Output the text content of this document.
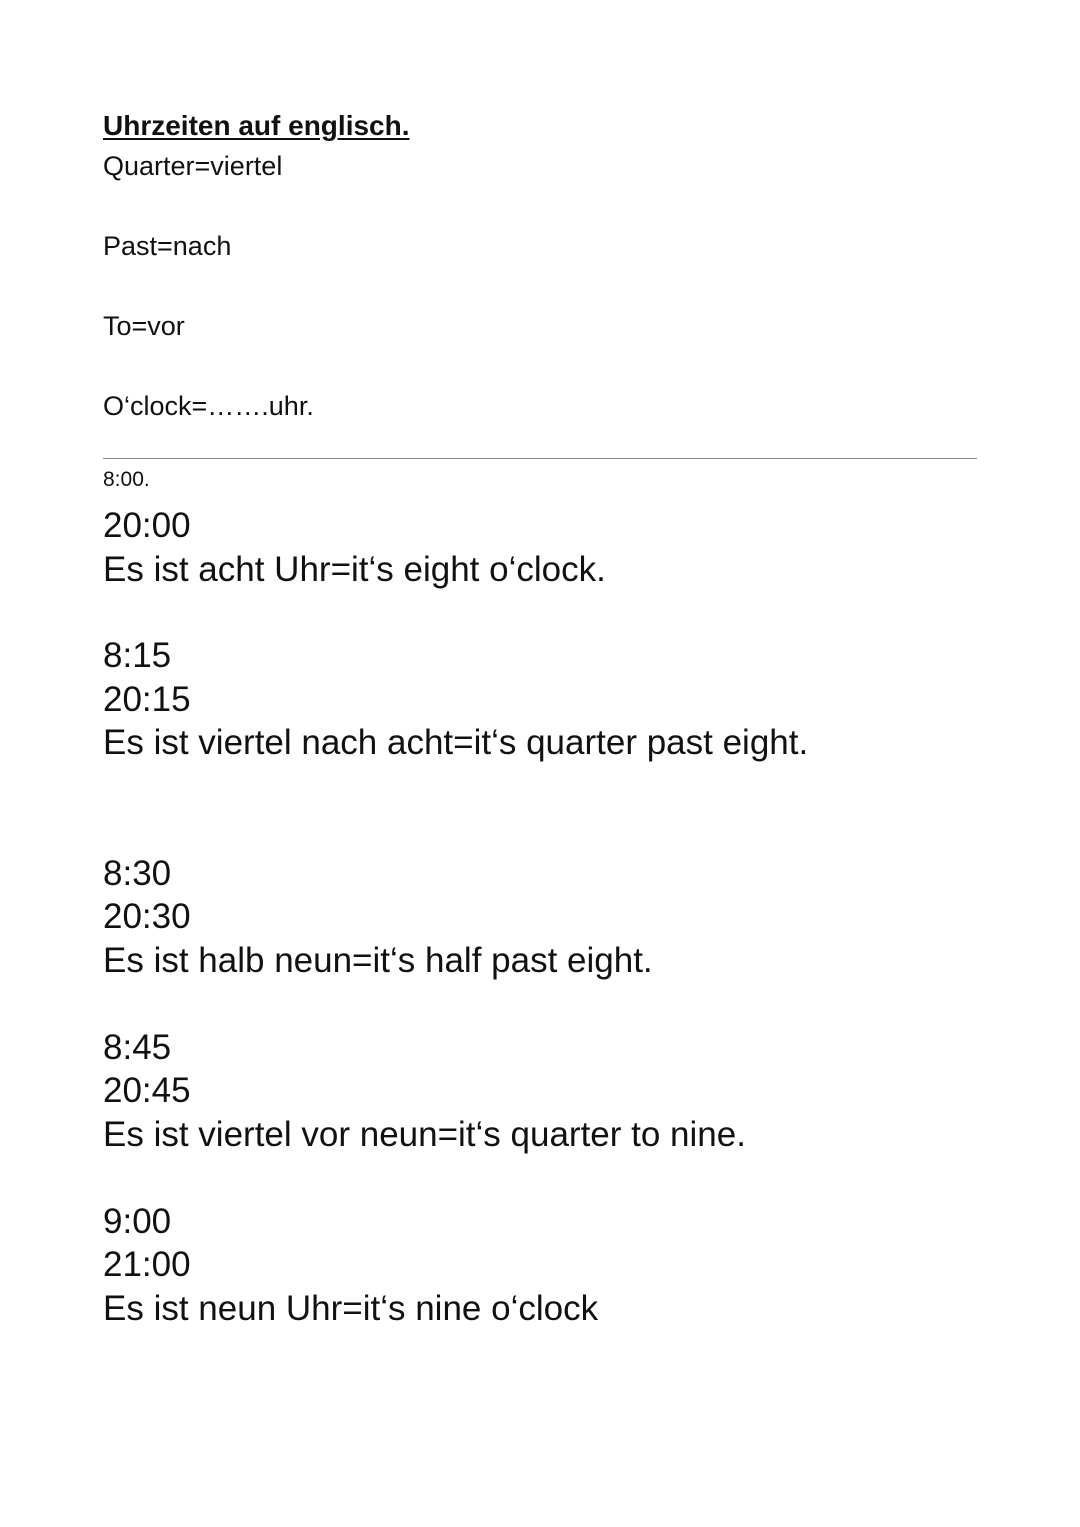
Uhrzeiten auf englisch.
Quarter=viertel
Past=nach
To=vor
O‘clock=…….uhr.
8:00.
20:00
Es ist acht Uhr=it‘s eight o‘clock.
8:15
20:15
Es ist viertel nach acht=it‘s quarter past eight.
8:30
20:30
Es ist halb neun=it‘s half past eight.
8:45
20:45
Es ist viertel vor neun=it‘s quarter to nine.
9:00
21:00
Es ist neun Uhr=it‘s nine o‘clock
